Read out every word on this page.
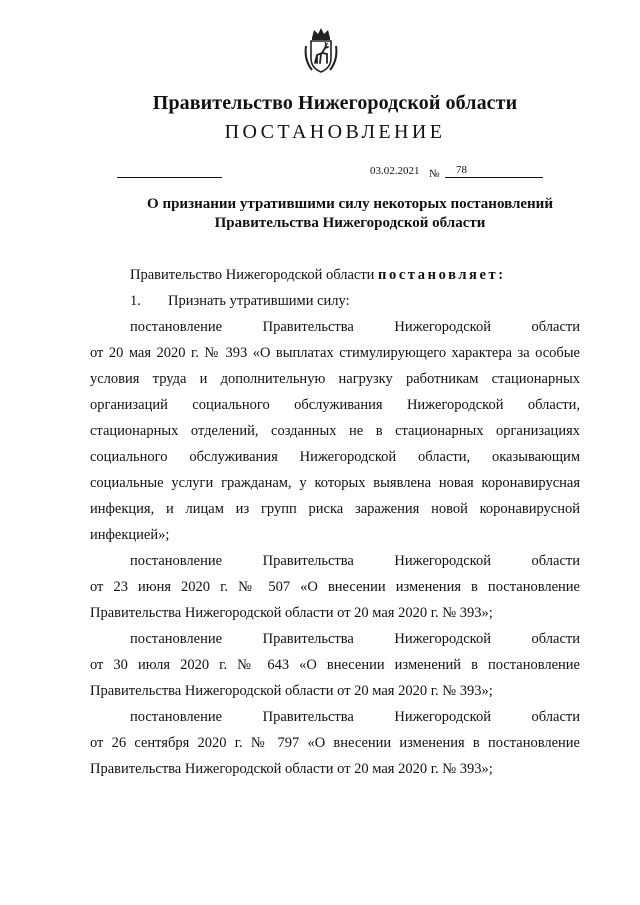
Правительство Нижегородской области
ПОСТАНОВЛЕНИЕ
03.02.2021 № 78
О признании утратившими силу некоторых постановлений
Правительства Нижегородской области

Правительство Нижегородской области постановляет:

1. Признать утратившими силу:

постановление Правительства Нижегородской области

от 20 мая 2020 г. № 393 «О выплатах стимулирующего характера за особые условия труда и дополнительную нагрузку работникам стационарных организаций социального обслуживания Нижегородской области, стационарных отделений, созданных не в стационарных организациях социального обслуживания Нижегородской области, оказывающим социальные услуги гражданам, у которых выявлена новая коронавирусная инфекция, и лицам из групп риска заражения новой коронавирусной инфекцией»;

постановление Правительства Нижегородской области

от 23 июня 2020 г. № 507 «О внесении изменения в постановление Правительства Нижегородской области от 20 мая 2020 г. № 393»;

постановление Правительства Нижегородской области

от 30 июля 2020 г. № 643 «О внесении изменений в постановление Правительства Нижегородской области от 20 мая 2020 г. № 393»;

постановление Правительства Нижегородской области

от 26 сентября 2020 г. № 797 «О внесении изменения в постановление Правительства Нижегородской области от 20 мая 2020 г. № 393»;
